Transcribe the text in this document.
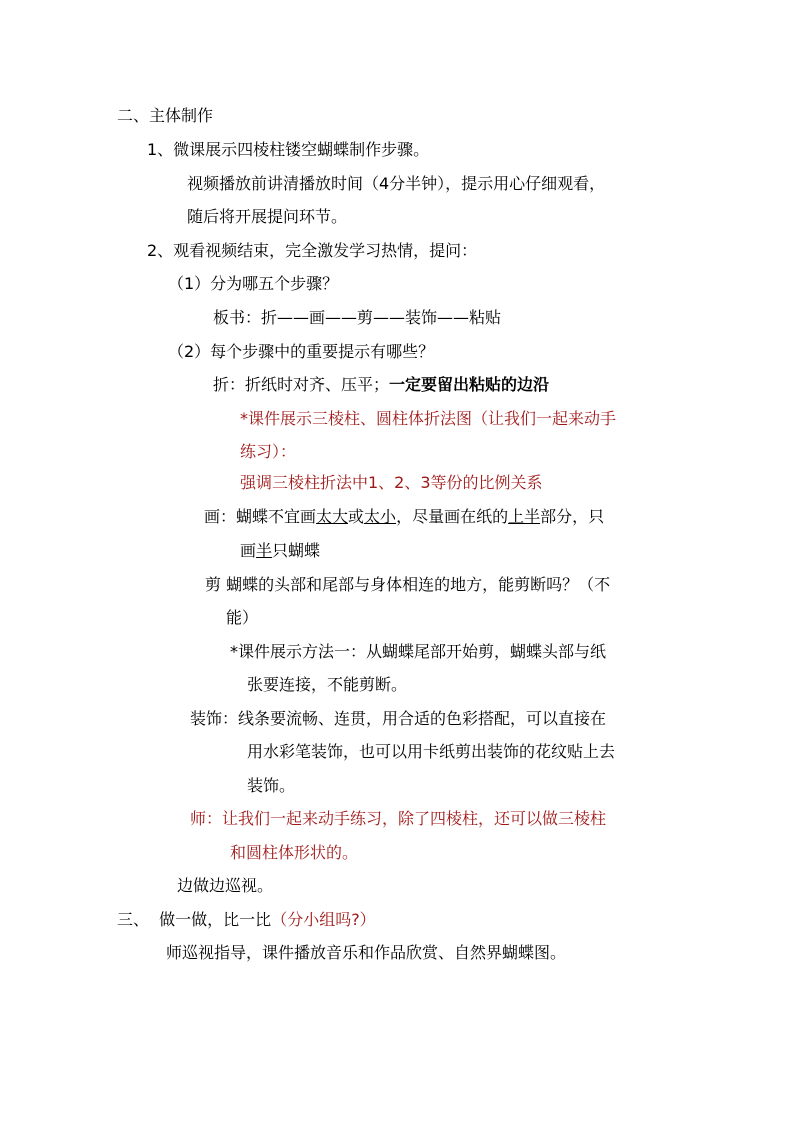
二、主体制作
1、微课展示四棱柱镂空蝴蝶制作步骤。
视频播放前讲清播放时间（4分半钟），提示用心仔细观看，
随后将开展提问环节。
2、观看视频结束，完全激发学习热情，提问：
（1）分为哪五个步骤？
板书：折——画——剪——装饰——粘贴
（2）每个步骤中的重要提示有哪些？
折：折纸时对齐、压平；一定要留出粘贴的边沿
*课件展示三棱柱、圆柱体折法图（让我们一起来动手
练习）：
强调三棱柱折法中1、2、3等份的比例关系
画：蝴蝶不宜画太大或太小，尽量画在纸的上半部分，只
画半只蝴蝶
剪 蝴蝶的头部和尾部与身体相连的地方，能剪断吗？（不
能）
*课件展示方法一：从蝴蝶尾部开始剪，蝴蝶头部与纸
张要连接，不能剪断。
装饰：线条要流畅、连贯，用合适的色彩搭配，可以直接在
用水彩笔装饰，也可以用卡纸剪出装饰的花纹贴上去
装饰。
师：让我们一起来动手练习，除了四棱柱，还可以做三棱柱
和圆柱体形状的。
边做边巡视。
三、  做一做，比一比（分小组吗?）
师巡视指导，课件播放音乐和作品欣赏、自然界蝴蝶图。
